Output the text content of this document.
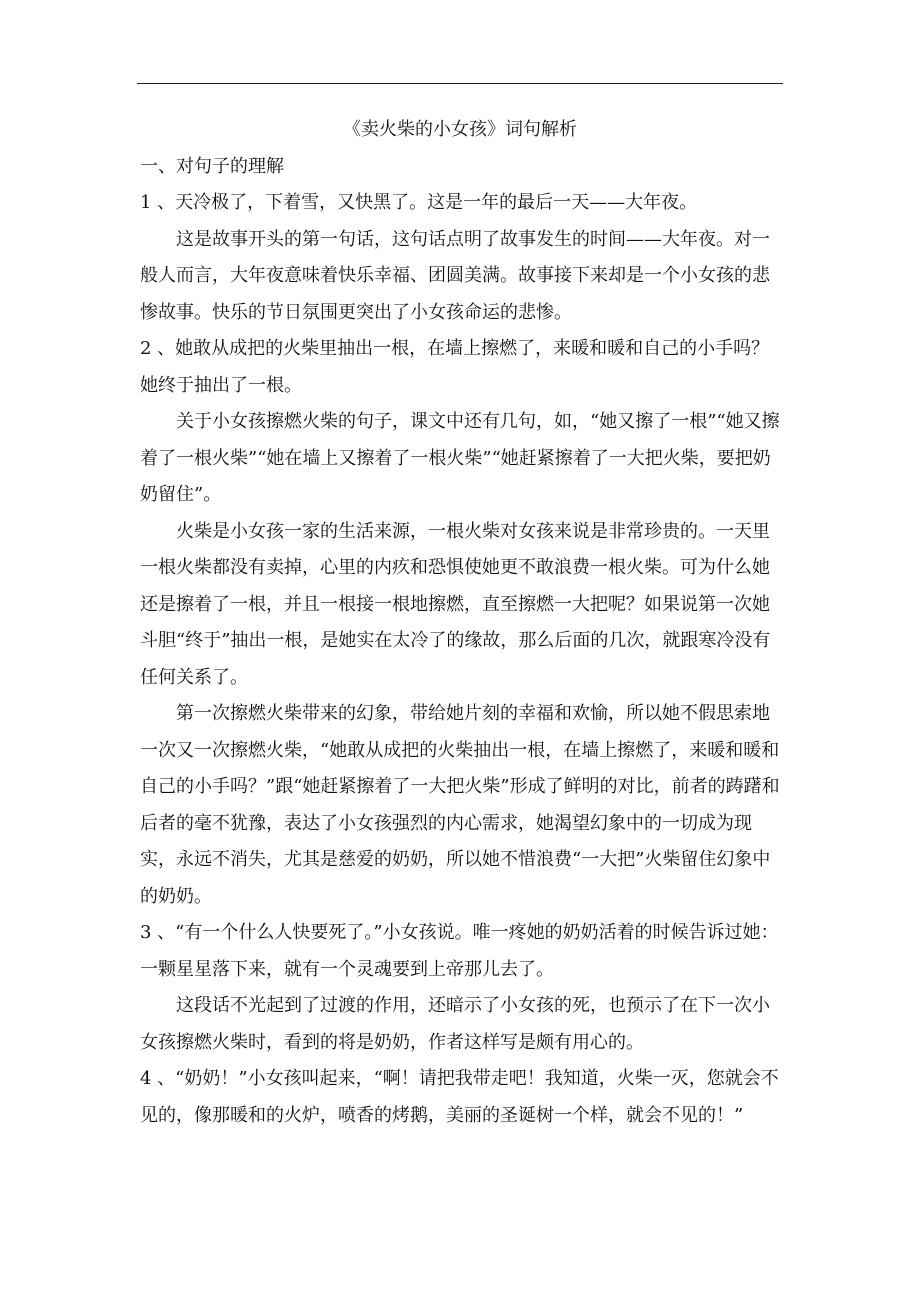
《卖火柴的小女孩》词句解析

一、对句子的理解

1 、天冷极了，下着雪，又快黑了。这是一年的最后一天——大年夜。

这是故事开头的第一句话，这句话点明了故事发生的时间——大年夜。对一般人而言，大年夜意味着快乐幸福、团圆美满。故事接下来却是一个小女孩的悲惨故事。快乐的节日氛围更突出了小女孩命运的悲惨。

2 、她敢从成把的火柴里抽出一根，在墙上擦燃了，来暖和暖和自己的小手吗？她终于抽出了一根。

关于小女孩擦燃火柴的句子，课文中还有几句，如，“她又擦了一根”“她又擦着了一根火柴”“她在墙上又擦着了一根火柴”“她赶紧擦着了一大把火柴，要把奶奶留住”。

火柴是小女孩一家的生活来源，一根火柴对女孩来说是非常珍贵的。一天里一根火柴都没有卖掉，心里的内疚和恐惧使她更不敢浪费一根火柴。可为什么她还是擦着了一根，并且一根接一根地擦燃，直至擦燃一大把呢？如果说第一次她斗胆“终于”抽出一根，是她实在太冷了的缘故，那么后面的几次，就跟寒冷没有任何关系了。

第一次擦燃火柴带来的幻象，带给她片刻的幸福和欢愉，所以她不假思索地一次又一次擦燃火柴，“她敢从成把的火柴抽出一根，在墙上擦燃了，来暖和暖和自己的小手吗？”跟“她赶紧擦着了一大把火柴”形成了鲜明的对比，前者的踌躇和后者的毫不犹豫，表达了小女孩强烈的内心需求，她渴望幻象中的一切成为现实，永远不消失，尤其是慈爱的奶奶，所以她不惜浪费“一大把”火柴留住幻象中的奶奶。

3 、“有一个什么人快要死了。”小女孩说。唯一疼她的奶奶活着的时候告诉过她：一颗星星落下来，就有一个灵魂要到上帝那儿去了。

这段话不光起到了过渡的作用，还暗示了小女孩的死，也预示了在下一次小女孩擦燃火柴时，看到的将是奶奶，作者这样写是颇有用心的。

4 、“奶奶！”小女孩叫起来，“啊！请把我带走吧！我知道，火柴一灭，您就会不见的，像那暖和的火炉，喷香的烤鹅，美丽的圣诞树一个样，就会不见的！”
